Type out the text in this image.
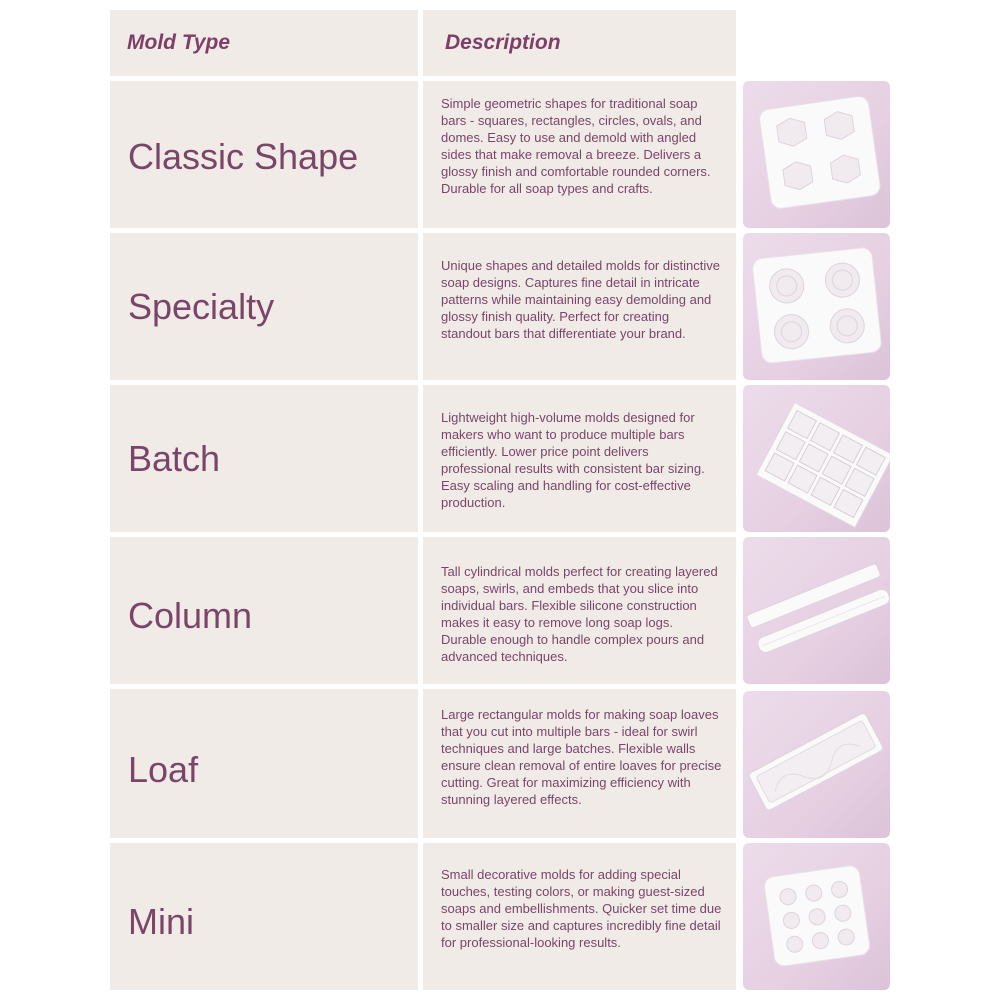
Mold Type	Description
Classic Shape
Simple geometric shapes for traditional soap bars - squares, rectangles, circles, ovals, and domes. Easy to use and demold with angled sides that make removal a breeze. Delivers a glossy finish and comfortable rounded corners. Durable for all soap types and crafts.
Specialty
Unique shapes and detailed molds for distinctive soap designs. Captures fine detail in intricate patterns while maintaining easy demolding and glossy finish quality. Perfect for creating standout bars that differentiate your brand.
Batch
Lightweight high-volume molds designed for makers who want to produce multiple bars efficiently. Lower price point delivers professional results with consistent bar sizing. Easy scaling and handling for cost-effective production.
Column
Tall cylindrical molds perfect for creating layered soaps, swirls, and embeds that you slice into individual bars. Flexible silicone construction makes it easy to remove long soap logs. Durable enough to handle complex pours and advanced techniques.
Loaf
Large rectangular molds for making soap loaves that you cut into multiple bars - ideal for swirl techniques and large batches. Flexible walls ensure clean removal of entire loaves for precise cutting. Great for maximizing efficiency with stunning layered effects.
Mini
Small decorative molds for adding special touches, testing colors, or making guest-sized soaps and embellishments. Quicker set time due to smaller size and captures incredibly fine detail for professional-looking results.
